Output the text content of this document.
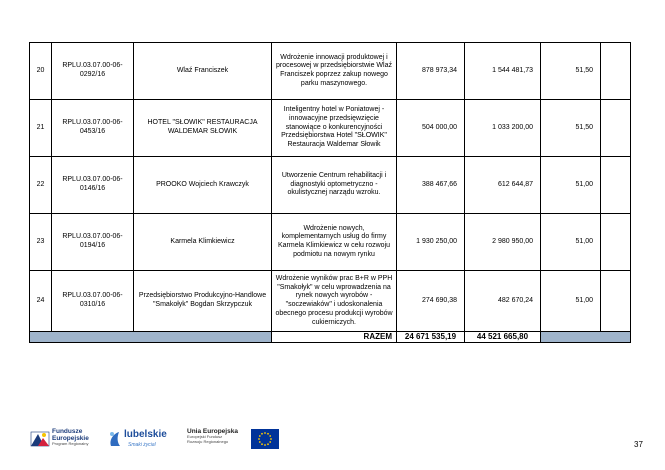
20	RPLU.03.07.00-06-0292/16	Wlaź Franciszek	Wdrożenie innowacji produktowej i procesowej w przedsiębiorstwie Wlaź Franciszek poprzez zakup nowego parku maszynowego.	878 973,34	1 544 481,73	51,50	
21	RPLU.03.07.00-06-0453/16	HOTEL "SŁOWIK" RESTAURACJA WALDEMAR SŁOWIK	Inteligentny hotel w Poniatowej - innowacyjne przedsięwzięcie stanowiące o konkurencyjności Przedsiębiorstwa Hotel "SŁOWIK" Restauracja Waldemar Słowik	504 000,00	1 033 200,00	51,50	
22	RPLU.03.07.00-06-0146/16	PROOKO Wojciech Krawczyk	Utworzenie Centrum rehabilitacji i diagnostyki optometryczno - okulistycznej narządu wzroku.	388 467,66	612 644,87	51,00	
23	RPLU.03.07.00-06-0194/16	Karmela Klimkiewicz	Wdrożenie nowych, komplementarnych usług do firmy Karmela Klimkiewicz w celu rozwoju podmiotu na nowym rynku	1 930 250,00	2 980 950,00	51,00	
24	RPLU.03.07.00-06-0310/16	Przedsiębiorstwo Produkcyjno-Handlowe "Smakołyk" Bogdan Skrzypczuk	Wdrożenie wyników prac B+R w PPH "Smakołyk" w celu wprowadzenia na rynek nowych wyrobów - "soczewiaków" i udoskonalenia obecnego procesu produkcji wyrobów cukierniczych.	274 690,38	482 670,24	51,00	
			RAZEM	24 671 535,19	44 521 665,80		
Fundusze
Europejskie
Program Regionalny
lubelskie
Smaki życia!
Unia Europejska
Europejski Fundusz
Rozwoju Regionalnego	37
